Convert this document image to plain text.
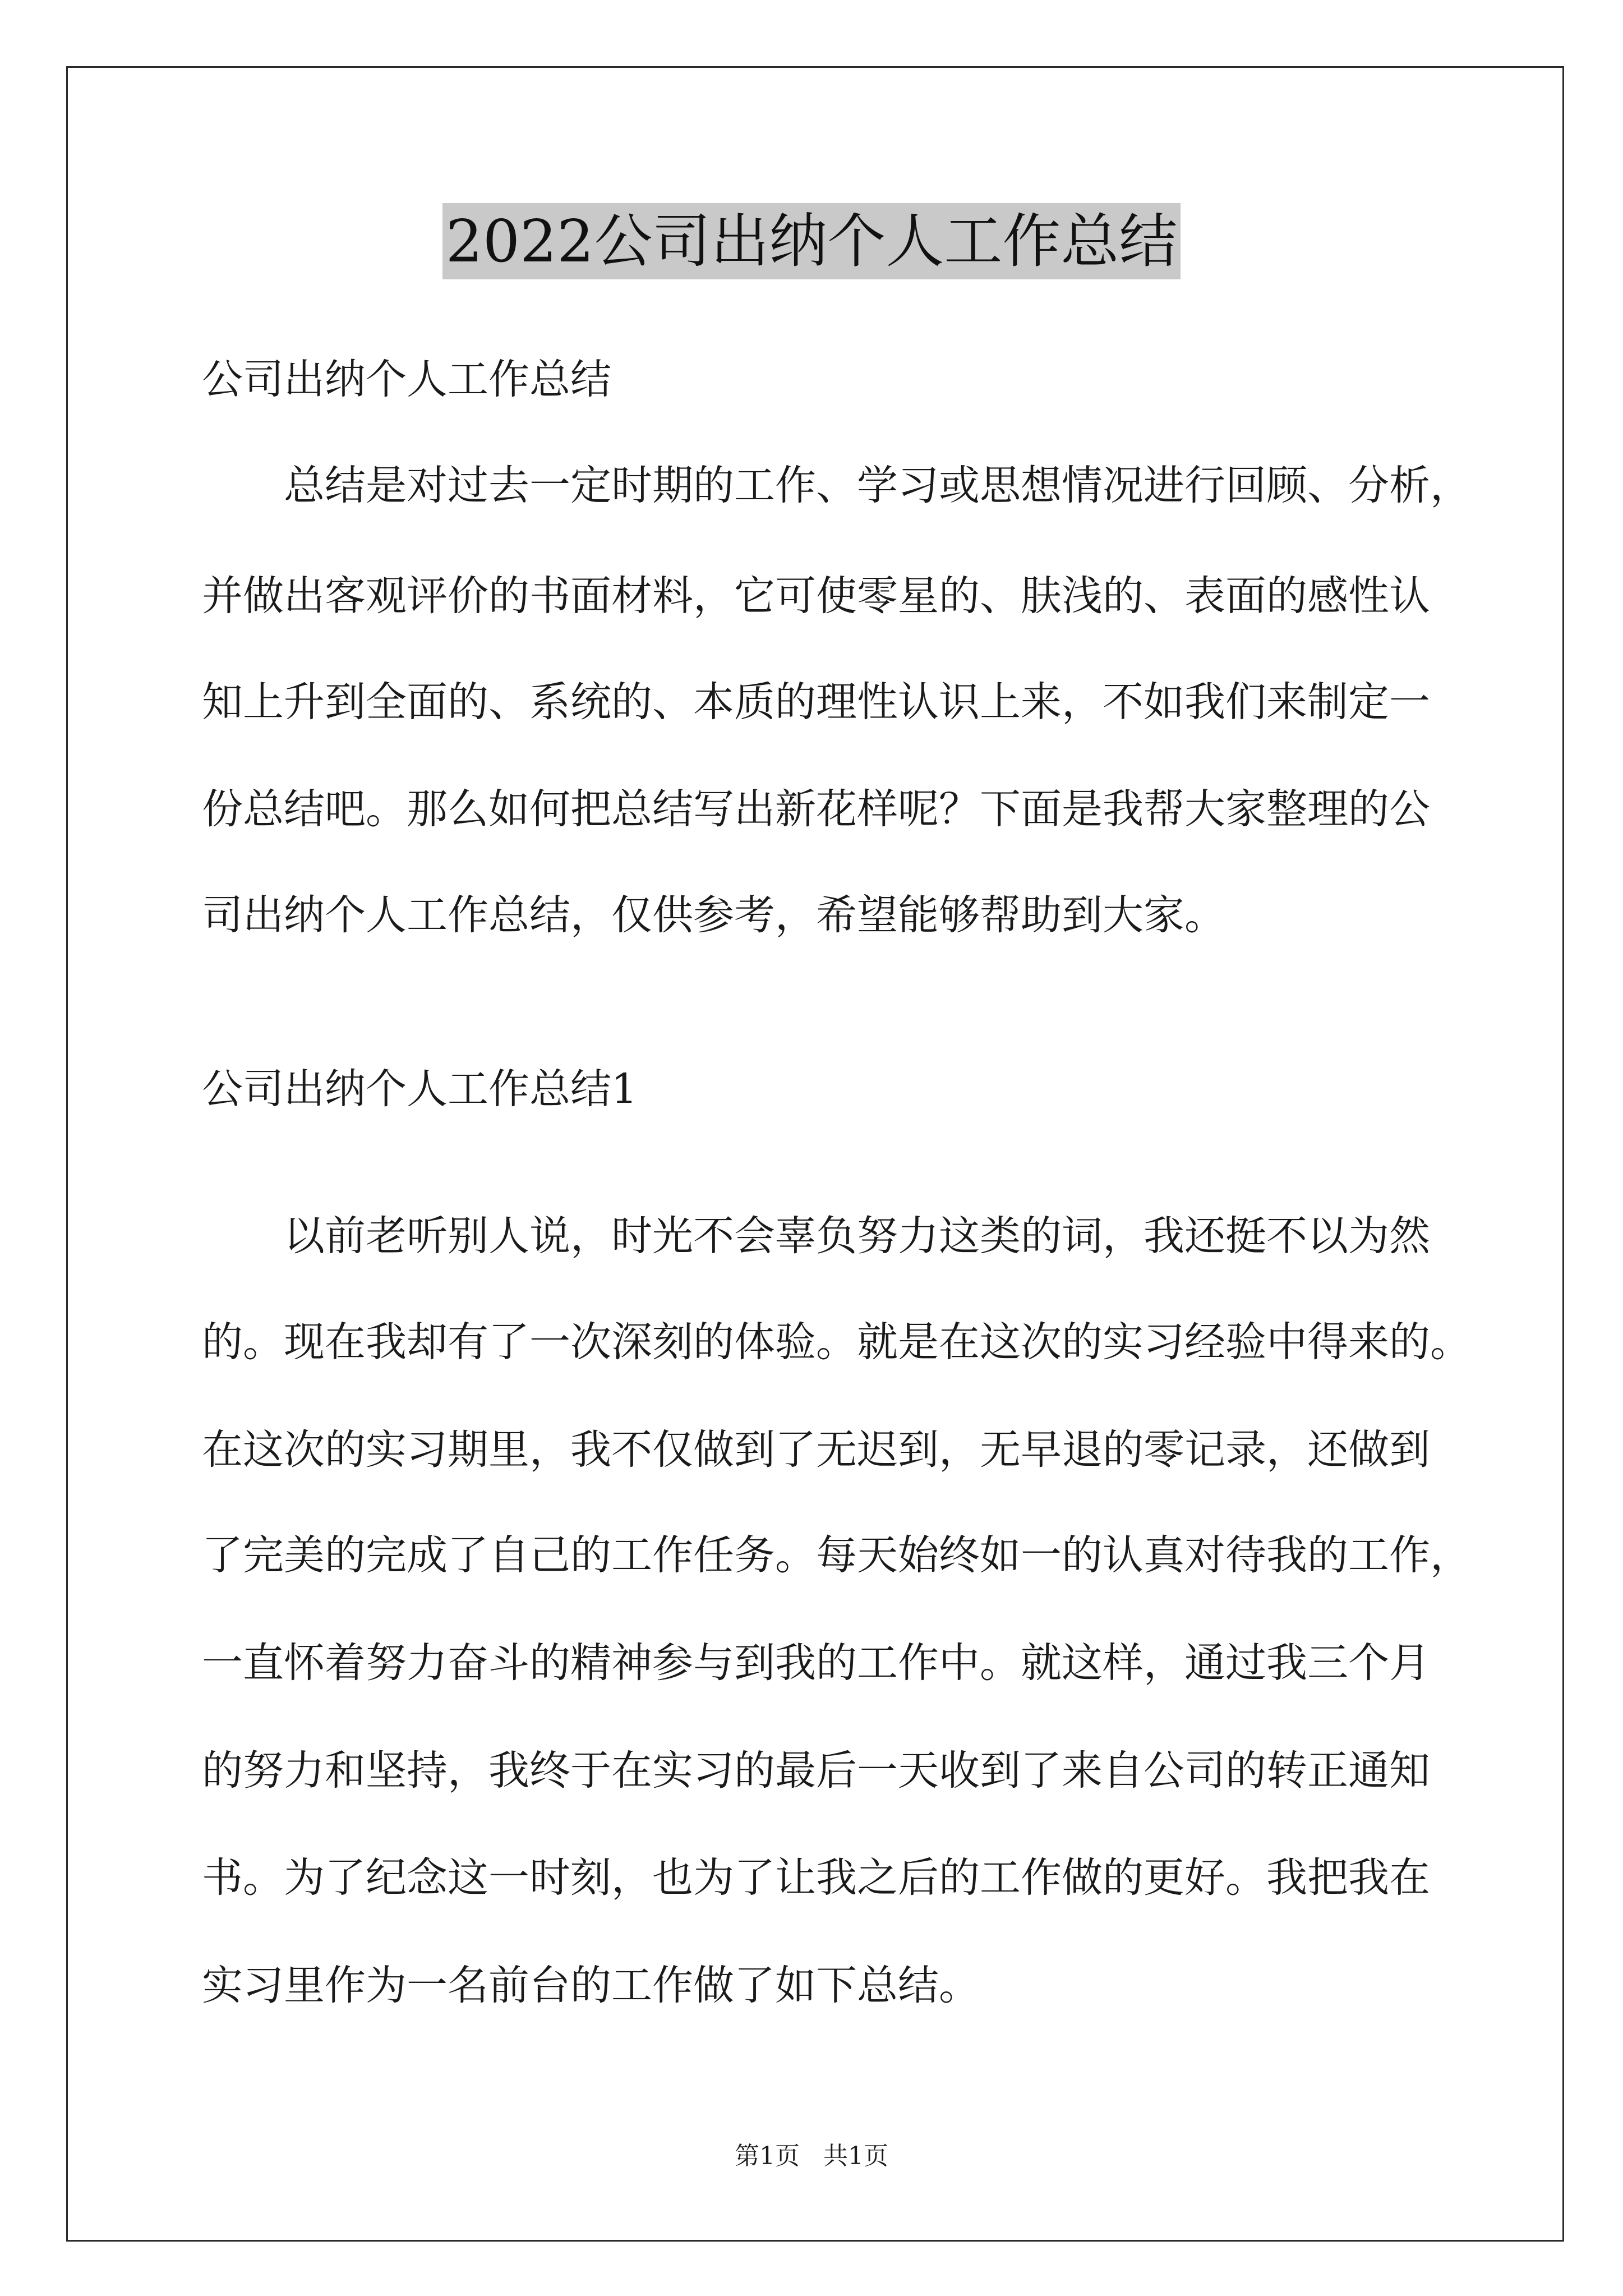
2022公司出纳个人工作总结
公司出纳个人工作总结
总结是对过去一定时期的工作、学习或思想情况进行回顾、分析，
并做出客观评价的书面材料，它可使零星的、肤浅的、表面的感性认
知上升到全面的、系统的、本质的理性认识上来，不如我们来制定一
份总结吧。那么如何把总结写出新花样呢？下面是我帮大家整理的公
司出纳个人工作总结，仅供参考，希望能够帮助到大家。
公司出纳个人工作总结1
以前老听别人说，时光不会辜负努力这类的词，我还挺不以为然
的。现在我却有了一次深刻的体验。就是在这次的实习经验中得来的。
在这次的实习期里，我不仅做到了无迟到，无早退的零记录，还做到
了完美的完成了自己的工作任务。每天始终如一的认真对待我的工作，
一直怀着努力奋斗的精神参与到我的工作中。就这样，通过我三个月
的努力和坚持，我终于在实习的最后一天收到了来自公司的转正通知
书。为了纪念这一时刻，也为了让我之后的工作做的更好。我把我在
实习里作为一名前台的工作做了如下总结。
第1页   共1页
